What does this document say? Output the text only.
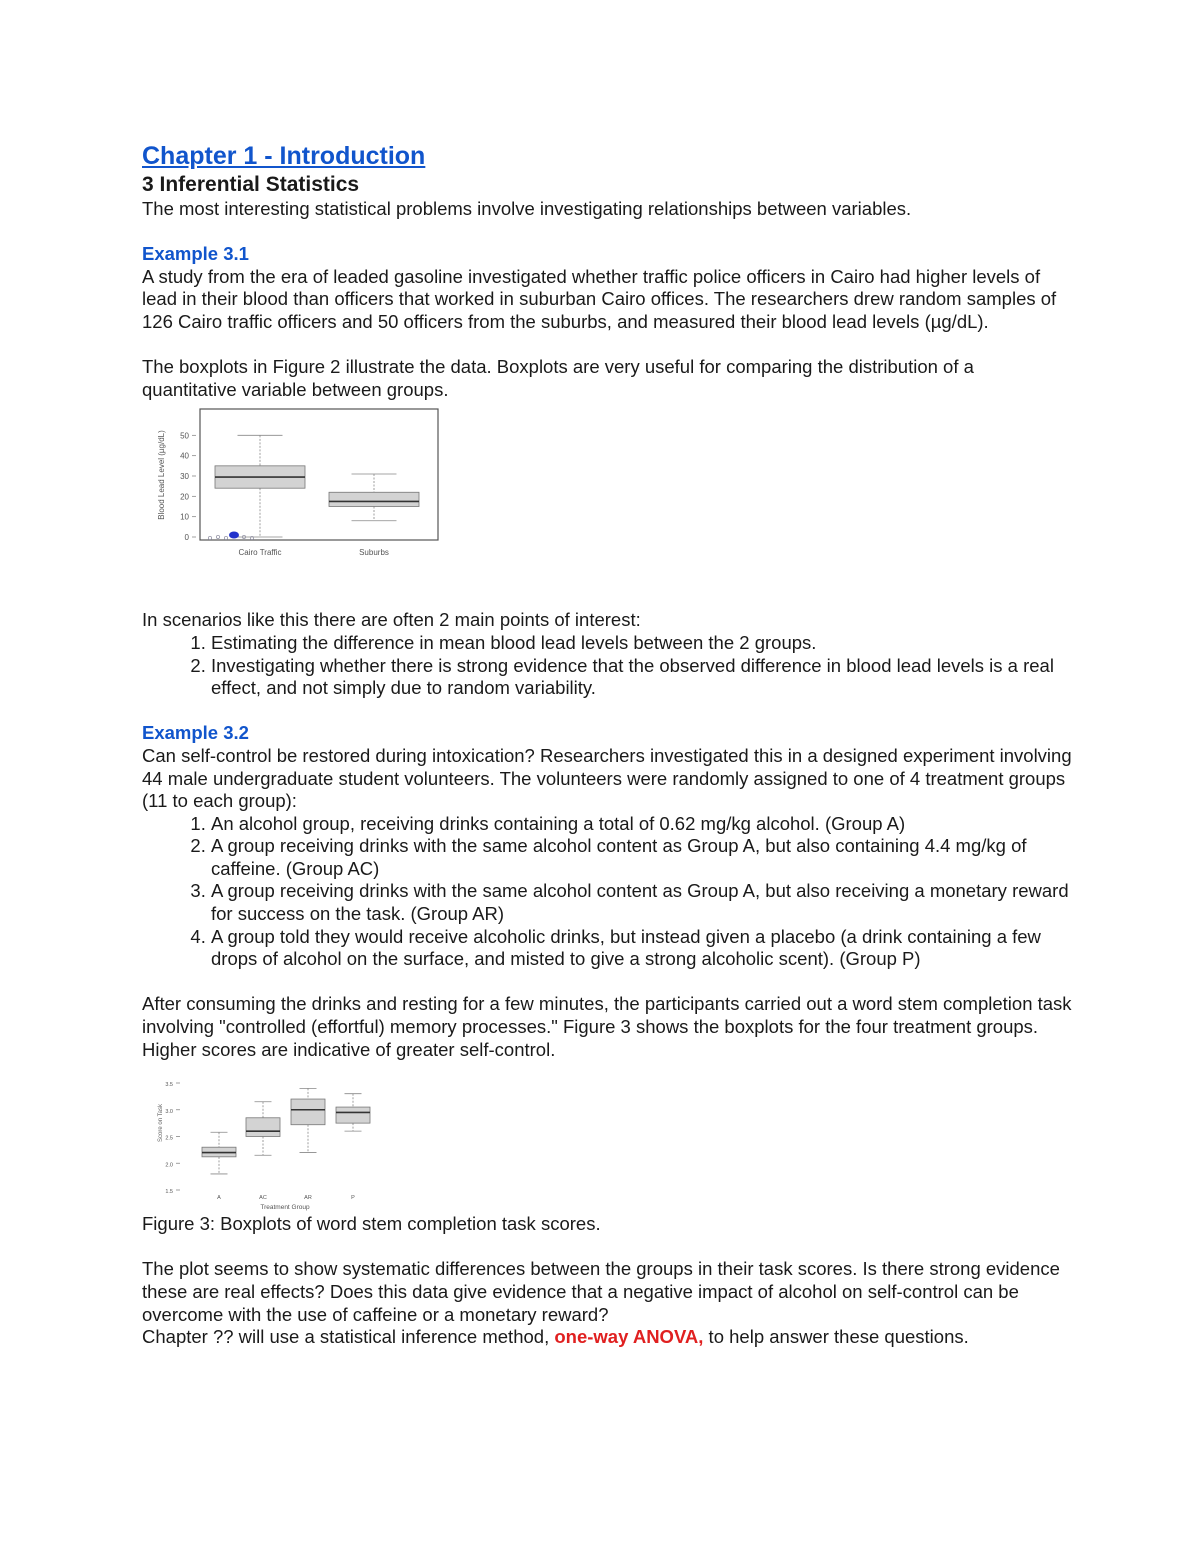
Chapter 1 - Introduction
3 Inferential Statistics

The most interesting statistical problems involve investigating relationships between variables.

Example 3.1

A study from the era of leaded gasoline investigated whether traffic police officers in Cairo had higher levels of lead in their blood than officers that worked in suburban Cairo offices. The researchers drew random samples of 126 Cairo traffic officers and 50 officers from the suburbs, and measured their blood lead levels (µg/dL).

The boxplots in Figure 2 illustrate the data. Boxplots are very useful for comparing the distribution of a quantitative variable between groups.

Blood Lead Level (µg/dL)
0
10
20
30
40
50
Cairo Traffic	Suburbs

In scenarios like this there are often 2 main points of interest:

1. Estimating the difference in mean blood lead levels between the 2 groups.
2. Investigating whether there is strong evidence that the observed difference in blood lead levels is a real effect, and not simply due to random variability.
Example 3.2

Can self-control be restored during intoxication? Researchers investigated this in a designed experiment involving 44 male undergraduate student volunteers. The volunteers were randomly assigned to one of 4 treatment groups (11 to each group):

1. An alcohol group, receiving drinks containing a total of 0.62 mg/kg alcohol. (Group A)
2. A group receiving drinks with the same alcohol content as Group A, but also containing 4.4 mg/kg of caffeine. (Group AC)
3. A group receiving drinks with the same alcohol content as Group A, but also receiving a monetary reward for success on the task. (Group AR)
4. A group told they would receive alcoholic drinks, but instead given a placebo (a drink containing a few drops of alcohol on the surface, and misted to give a strong alcoholic scent). (Group P)

After consuming the drinks and resting for a few minutes, the participants carried out a word stem completion task involving "controlled (effortful) memory processes." Figure 3 shows the boxplots for the four treatment groups. Higher scores are indicative of greater self-control.

Score on Task
Treatment Group
1.5
2.0
2.5
3.0
3.5
A	AC	AR	P

Figure 3: Boxplots of word stem completion task scores.

The plot seems to show systematic differences between the groups in their task scores. Is there strong evidence these are real effects? Does this data give evidence that a negative impact of alcohol on self-control can be overcome with the use of caffeine or a monetary reward?

Chapter ?? will use a statistical inference method, one-way ANOVA, to help answer these questions.
